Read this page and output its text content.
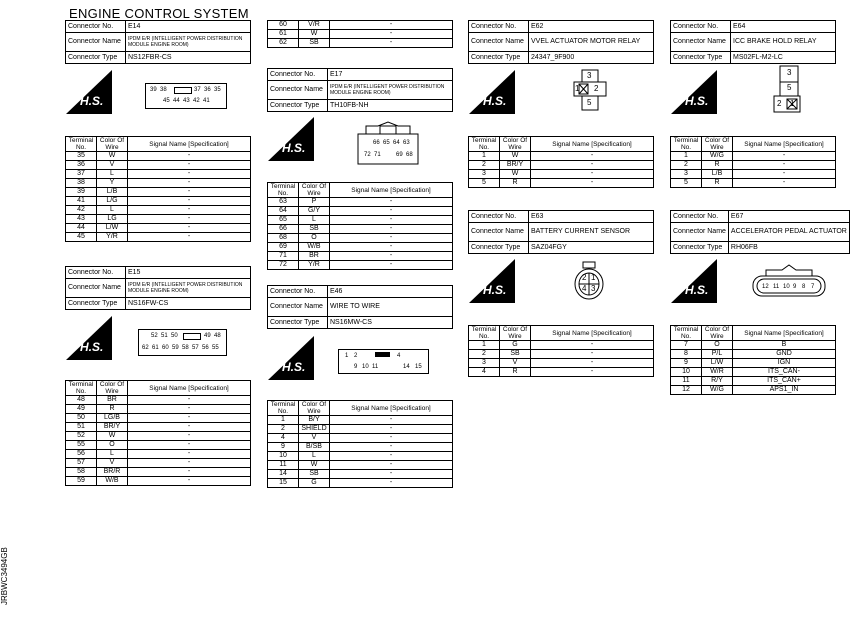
ENGINE CONTROL SYSTEM
JRBWC3494GB
Connector No.	E14
Connector Name	IPDM E/R (INTELLIGENT POWER DISTRIBUTION MODULE ENGINE ROOM)
Connector Type	NS12FBR-CS
H.S.
39 38	37 36 35
45 44 43 42 41
Terminal
No.	Color Of
Wire	Signal Name [Specification]
35	W	-
36	V	-
37	L	-
38	Y	-
39	L/B	-
41	L/G	-
42	L	-
43	LG	-
44	L/W	-
45	Y/R	-
Connector No.	E15
Connector Name	IPDM E/R (INTELLIGENT POWER DISTRIBUTION MODULE ENGINE ROOM)
Connector Type	NS16FW-CS
H.S.
52 51 50	49 48
62 61 60 59 58 57 56 55
Terminal
No.	Color Of
Wire	Signal Name [Specification]
48	BR	-
49	R	-
50	LG/B	-
51	BR/Y	-
52	W	-
55	O	-
56	L	-
57	V	-
58	BR/R	-
59	W/B	-
60	V/R	-
61	W	-
62	SB	-
Connector No.	E17
Connector Name	IPDM E/R (INTELLIGENT POWER DISTRIBUTION MODULE ENGINE ROOM)
Connector Type	TH10FB-NH
H.S.	66 65 64 63
72 71	69 68
Terminal
No.	Color Of
Wire	Signal Name [Specification]
63	P	-
64	G/Y	-
65	L	-
66	SB	-
68	O	-
69	W/B	-
71	BR	-
72	Y/R	-
Connector No.	E46
Connector Name	WIRE TO WIRE
Connector Type	NS16MW-CS
H.S.
1 2	4
9 10 11	14 15
Terminal
No.	Color Of
Wire	Signal Name [Specification]
1	B/Y	-
2	SHIELD	-
4	V	-
9	B/SB	-
10	L	-
11	W	-
14	SB	-
15	G	-
Connector No.	E62
Connector Name	VVEL ACTUATOR MOTOR RELAY
Connector Type	24347_9F900
H.S.
3
1 2
5
Terminal
No.	Color Of
Wire	Signal Name [Specification]
1	W	-
2	BR/Y	-
3	W	-
5	R	-
Connector No.	E63
Connector Name	BATTERY CURRENT SENSOR
Connector Type	SAZ04FGY
H.S.
2 1
4 3
Terminal
No.	Color Of
Wire	Signal Name [Specification]
1	G	-
2	SB	-
3	V	-
4	R	-
Connector No.	E64
Connector Name	ICC BRAKE HOLD RELAY
Connector Type	MS02FL-M2-LC
H.S.
3
5
2 1
Terminal
No.	Color Of
Wire	Signal Name [Specification]
1	W/G	-
2	R	-
3	L/B	-
5	R	-
Connector No.	E67
Connector Name	ACCELERATOR PEDAL ACTUATOR
Connector Type	RH06FB
H.S.	12 11 10 9 8 7
Terminal
No.	Color Of
Wire	Signal Name [Specification]
7	O	B
8	P/L	GND
9	L/W	IGN
10	W/R	ITS_CAN-
11	R/Y	ITS_CAN+
12	W/G	APS1_IN
